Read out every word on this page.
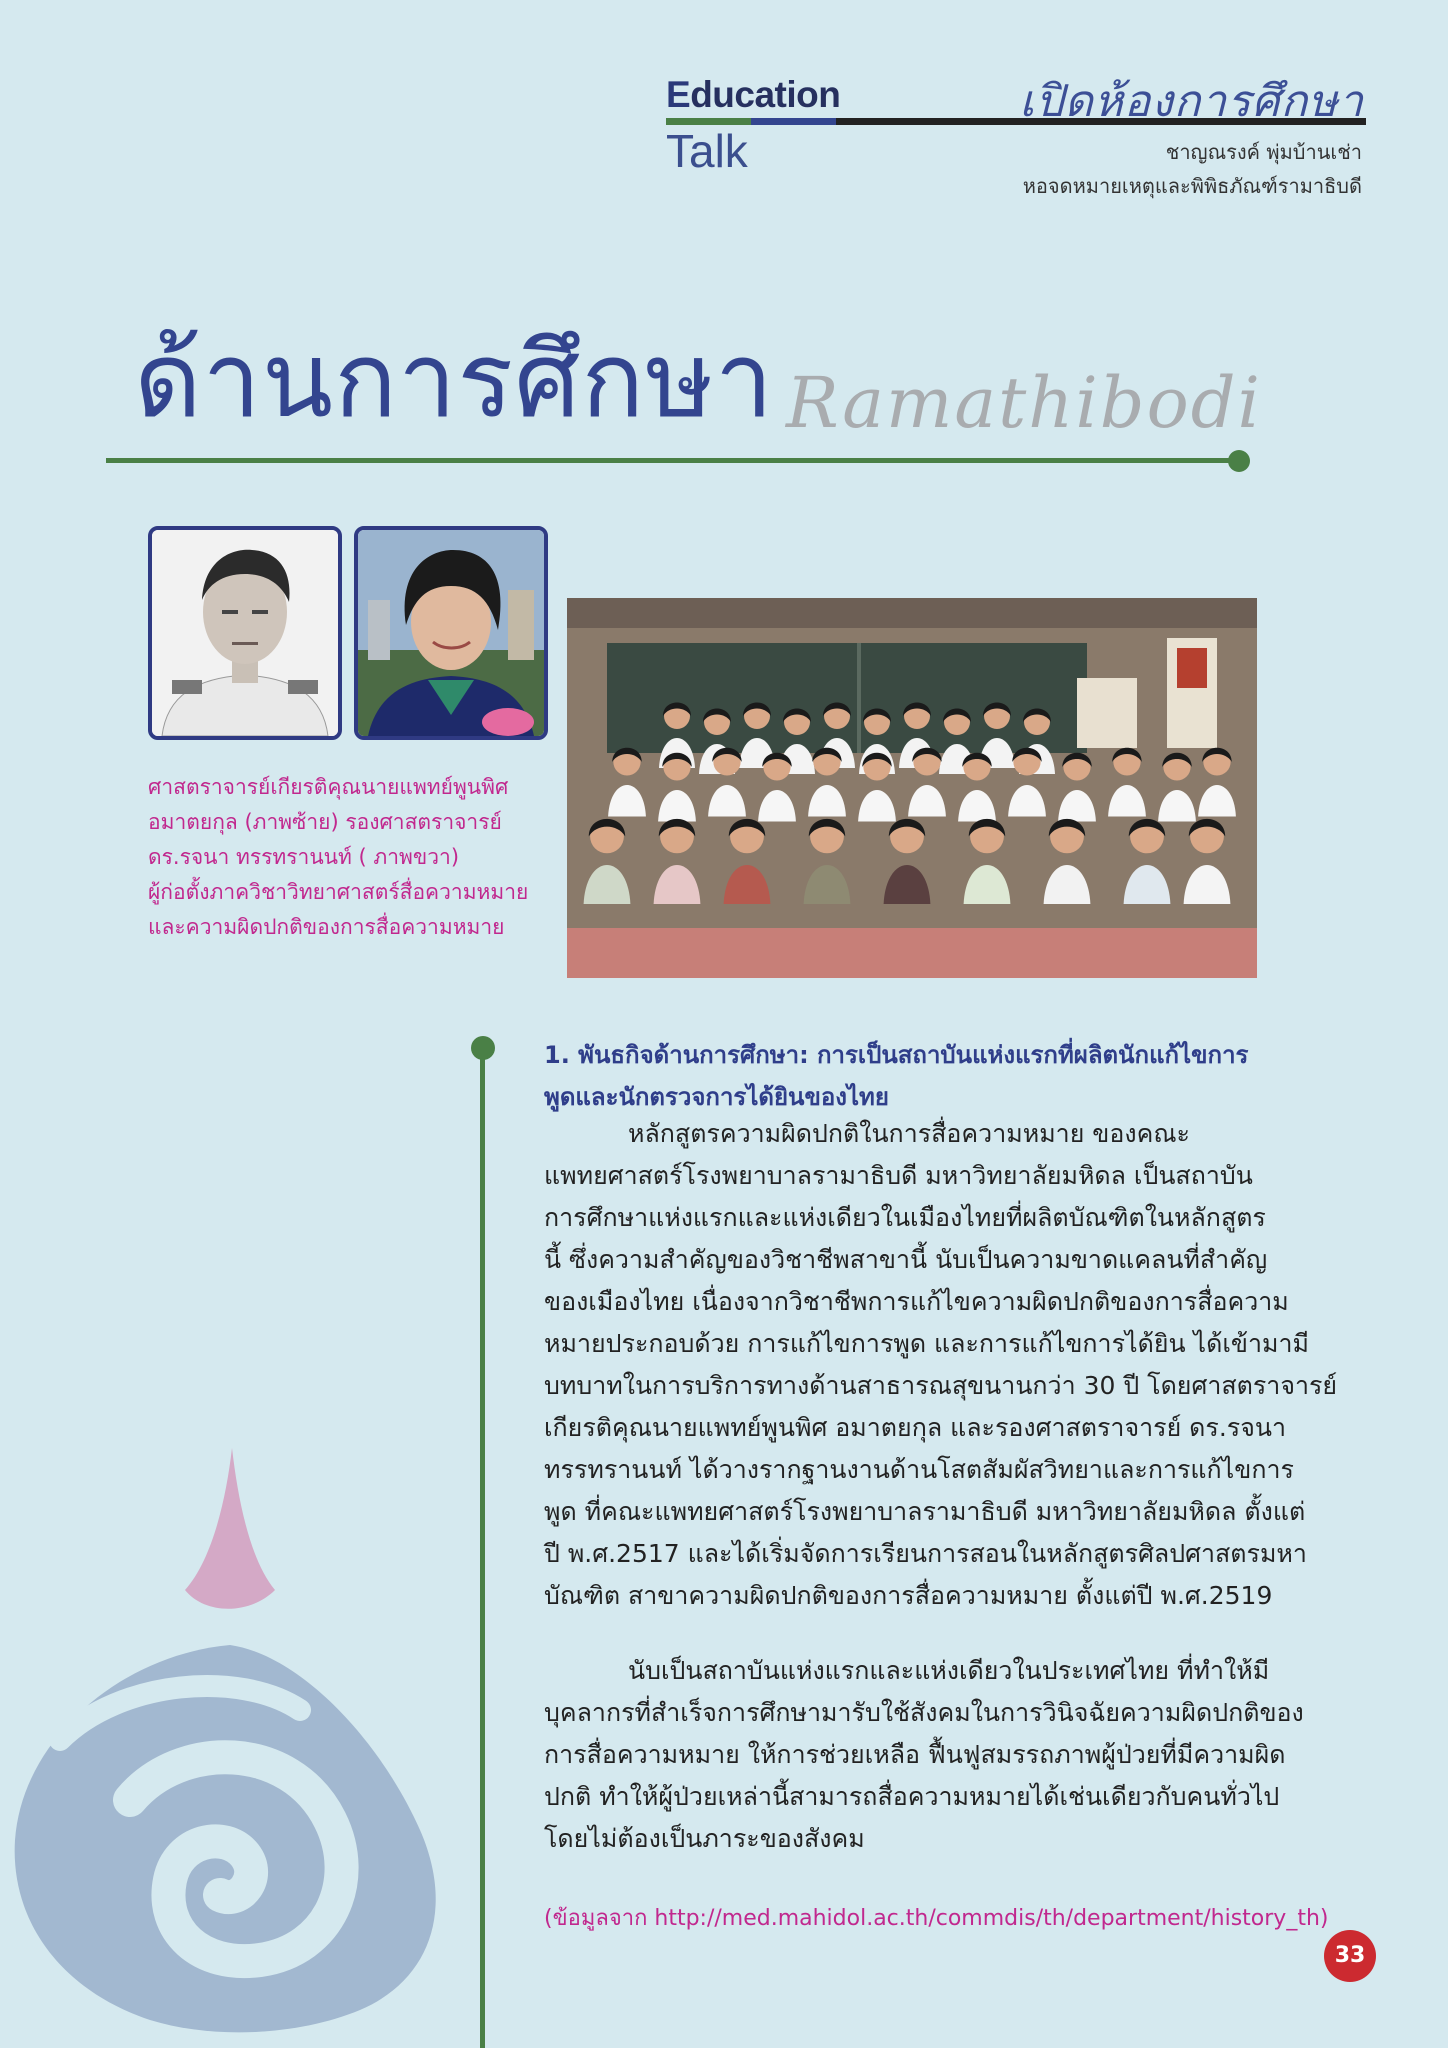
Education
Talk
เปิดห้องการศึกษา
ชาญณรงค์ พุ่มบ้านเช่า
หอจดหมายเหตุและพิพิธภัณฑ์รามาธิบดี
ด้านการศึกษา Ramathibodi
ศาสตราจารย์เกียรติคุณนายแพทย์พูนพิศ
อมาตยกุล (ภาพซ้าย) รองศาสตราจารย์
ดร.รจนา ทรรทรานนท์ ( ภาพขวา)
ผู้ก่อตั้งภาควิชาวิทยาศาสตร์สื่อความหมาย
และความผิดปกติของการสื่อความหมาย
1. พันธกิจด้านการศึกษา: การเป็นสถาบันแห่งแรกที่ผลิตนักแก้ไขการ
พูดและนักตรวจการได้ยินของไทย
หลักสูตรความผิดปกติในการสื่อความหมาย ของคณะ
แพทยศาสตร์โรงพยาบาลรามาธิบดี มหาวิทยาลัยมหิดล เป็นสถาบัน
การศึกษาแห่งแรกและแห่งเดียวในเมืองไทยที่ผลิตบัณฑิตในหลักสูตร
นี้ ซึ่งความสำคัญของวิชาชีพสาขานี้ นับเป็นความขาดแคลนที่สำคัญ
ของเมืองไทย เนื่องจากวิชาชีพการแก้ไขความผิดปกติของการสื่อความ
หมายประกอบด้วย การแก้ไขการพูด และการแก้ไขการได้ยิน ได้เข้ามามี
บทบาทในการบริการทางด้านสาธารณสุขนานกว่า 30 ปี โดยศาสตราจารย์
เกียรติคุณนายแพทย์พูนพิศ อมาตยกุล และรองศาสตราจารย์ ดร.รจนา
ทรรทรานนท์ ได้วางรากฐานงานด้านโสตสัมผัสวิทยาและการแก้ไขการ
พูด ที่คณะแพทยศาสตร์โรงพยาบาลรามาธิบดี มหาวิทยาลัยมหิดล ตั้งแต่
ปี พ.ศ.2517 และได้เริ่มจัดการเรียนการสอนในหลักสูตรศิลปศาสตรมหา
บัณฑิต สาขาความผิดปกติของการสื่อความหมาย ตั้งแต่ปี พ.ศ.2519
นับเป็นสถาบันแห่งแรกและแห่งเดียวในประเทศไทย ที่ทำให้มี
บุคลากรที่สำเร็จการศึกษามารับใช้สังคมในการวินิจฉัยความผิดปกติของ
การสื่อความหมาย ให้การช่วยเหลือ ฟื้นฟูสมรรถภาพผู้ป่วยที่มีความผิด
ปกติ ทำให้ผู้ป่วยเหล่านี้สามารถสื่อความหมายได้เช่นเดียวกับคนทั่วไป
โดยไม่ต้องเป็นภาระของสังคม
(ข้อมูลจาก http://med.mahidol.ac.th/commdis/th/department/history_th)
33
